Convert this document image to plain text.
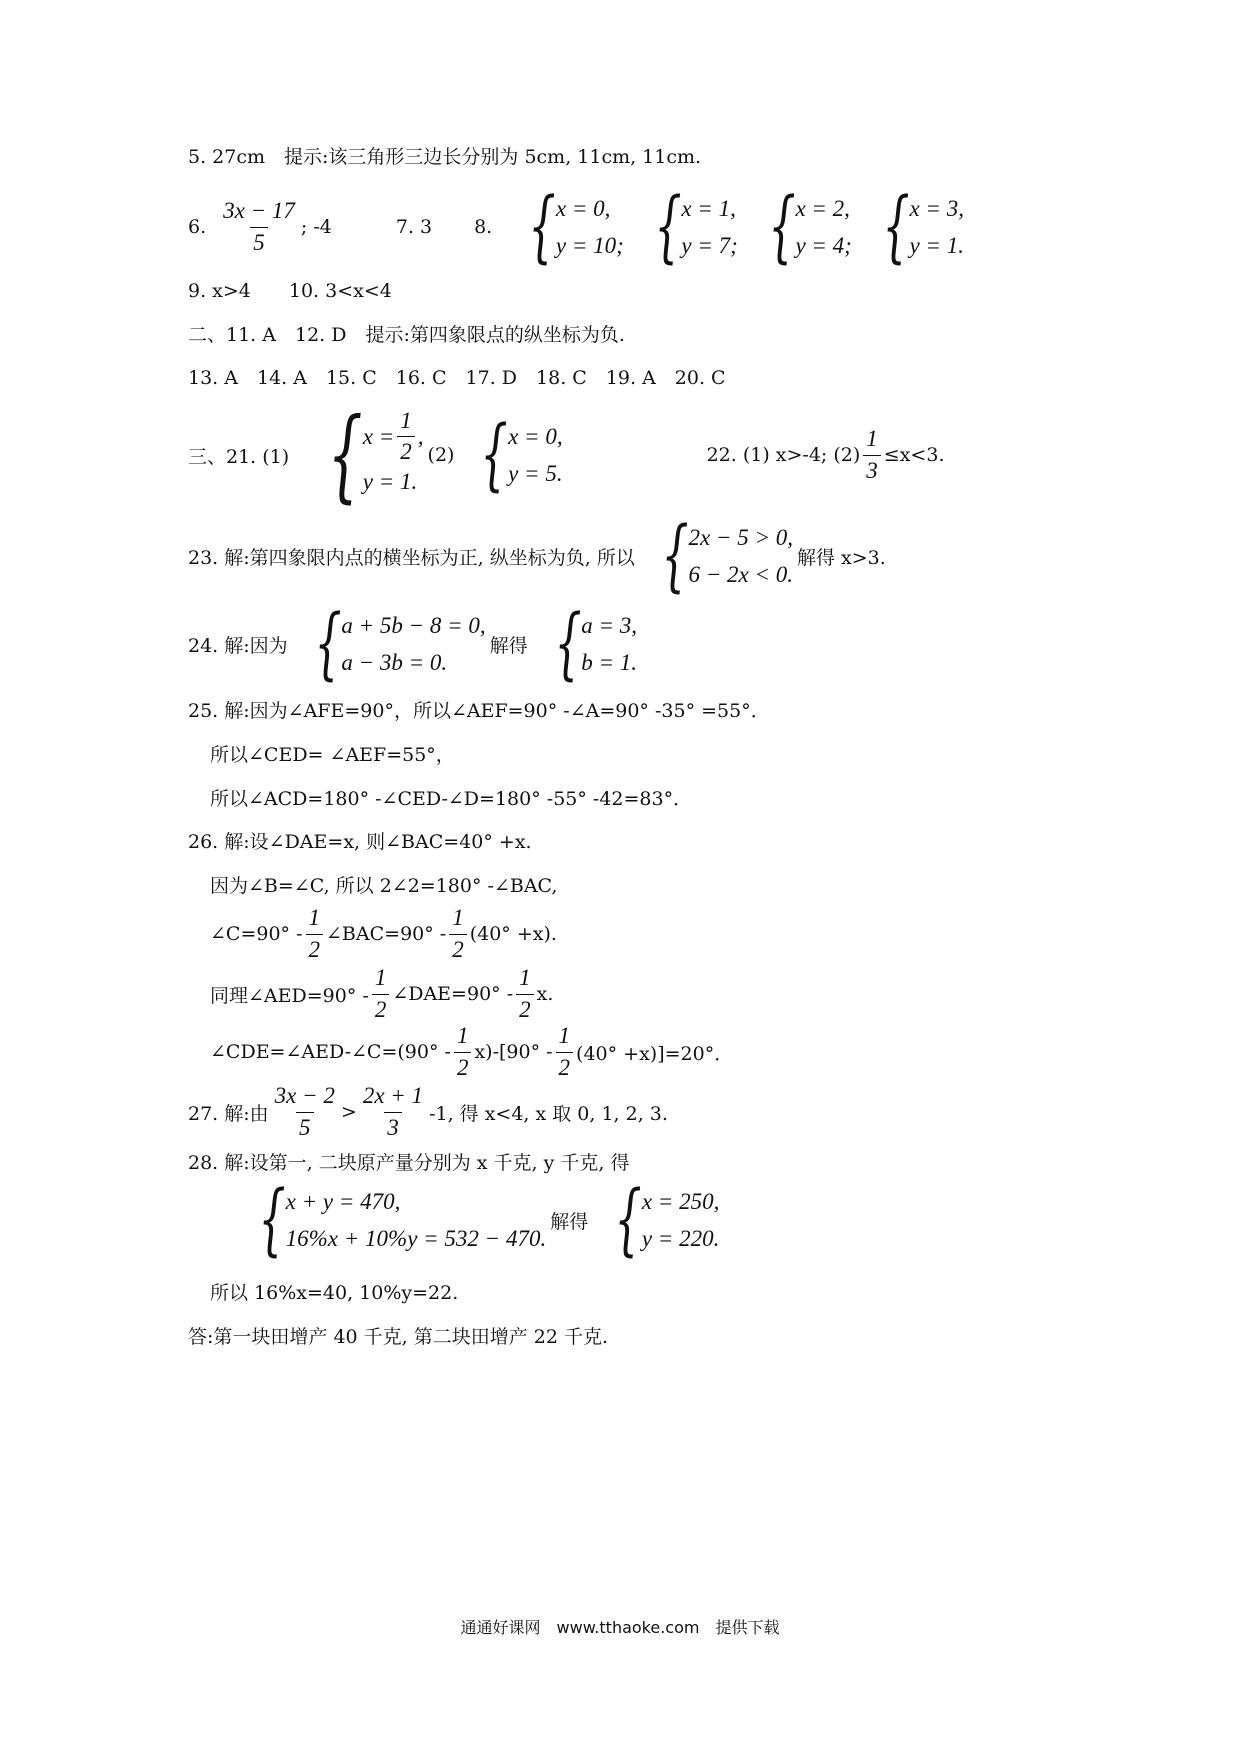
5. 27cm　提示:该三角形三边长分别为 5cm, 11cm, 11cm.
6. $\frac{3x - 17}{5}$ ; -4	7. 3 8. { x = 0,
y = 10; { x = 1,
y = 7; { x = 2,
y = 4; { x = 3,
y = 1.
9. x>4　　10. 3<x<4
二、11. A　12. D　提示:第四象限点的纵坐标为负.
13. A　14. A　15. C　16. C　17. D　18. C　19. A　20. C
三、21. (1) { $x = \frac{1}{2}$ ,
y = 1.
(2) { x = 0,
y = 5.
22. (1) x>-4; $(2) \frac{1}{3} \le x<3$.
23. 解:第四象限内点的横坐标为正, 纵坐标为负, 所以 { 2x − 5 > 0,
6 − 2x < 0.
解得 x>3.
24. 解:因为 { a + 5b − 8 = 0,
a − 3b = 0.
解得 { a = 3,
b = 1.
25. 解:因为∠AFE=90°，所以∠AEF=90° -∠A=90° -35° =55°．
所以∠CED= ∠AEF=55°，
所以∠ACD=180° -∠CED-∠D=180° -55° -42=83°．
26. 解:设∠DAE=x, 则∠BAC=40° +x.
因为∠B=∠C, 所以 2∠2=180° -∠BAC,
∠C=90° - $\frac{1}{2}$ ∠BAC=90° - $\frac{1}{2} (40^\circ +x)$.
同理∠AED=90° - $\frac{1}{2}$ ∠DAE=90° - $\frac{1}{2} x$.
∠CDE=∠AED-∠C=(90° - $\frac{1}{2} x)-[90^\circ - \frac{1}{2} (40^\circ +x)]=20^\circ$．
27. 解:由 $\frac{3x - 2}{5} > \frac{2x + 1}{3} -1$, 得 x<4, x 取 0, 1, 2, 3.
28. 解:设第一, 二块原产量分别为 x 千克, y 千克, 得
{ x + y = 470,
16%x + 10%y = 532 − 470.
解得 { x = 250,
y = 220.
所以 16%x=40, 10%y=22.
答:第一块田增产 40 千克, 第二块田增产 22 千克.
通通好课网　www.tthaoke.com　提供下载
